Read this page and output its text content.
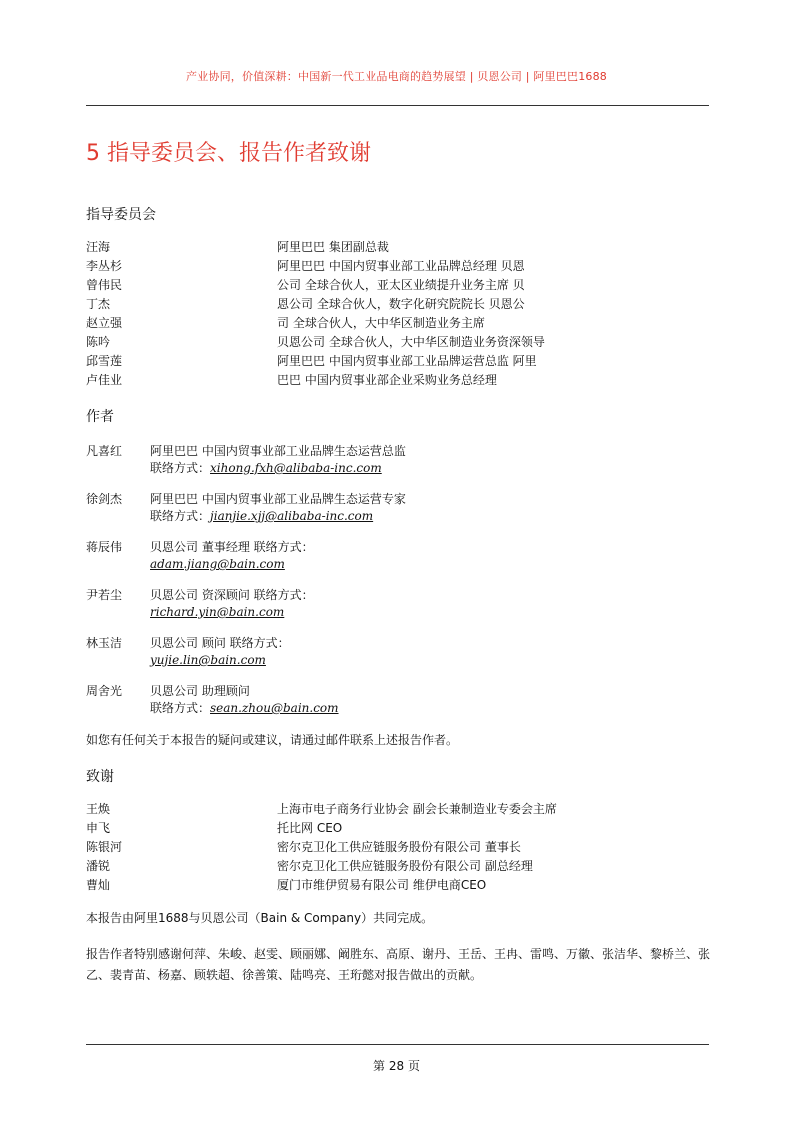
产业协同，价值深耕：中国新一代工业品电商的趋势展望 | 贝恩公司 | 阿里巴巴1688
5 指导委员会、报告作者致谢
指导委员会
汪海	阿里巴巴 集团副总裁
李丛杉	阿里巴巴 中国内贸事业部工业品牌总经理 贝恩
曾伟民	公司 全球合伙人，亚太区业绩提升业务主席 贝
丁杰	恩公司 全球合伙人，数字化研究院院长 贝恩公
赵立强	司 全球合伙人，大中华区制造业务主席
陈吟	贝恩公司 全球合伙人，大中华区制造业务资深领导
邱雪莲	阿里巴巴 中国内贸事业部工业品牌运营总监 阿里
卢佳业	巴巴 中国内贸事业部企业采购业务总经理
作者
凡喜红 阿里巴巴 中国内贸事业部工业品牌生态运营总监
联络方式：xihong.fxh@alibaba-inc.com
徐剑杰 阿里巴巴 中国内贸事业部工业品牌生态运营专家
联络方式：jianjie.xjj@alibaba-inc.com
蒋辰伟 贝恩公司 董事经理 联络方式：
adam.jiang@bain.com
尹若尘 贝恩公司 资深顾问 联络方式：
richard.yin@bain.com
林玉洁 贝恩公司 顾问 联络方式：
yujie.lin@bain.com
周舍光 贝恩公司 助理顾问
联络方式：sean.zhou@bain.com
如您有任何关于本报告的疑问或建议，请通过邮件联系上述报告作者。
致谢
王焕	上海市电子商务行业协会 副会长兼制造业专委会主席
申飞	托比网 CEO
陈银河	密尔克卫化工供应链服务股份有限公司 董事长
潘锐	密尔克卫化工供应链服务股份有限公司 副总经理
曹灿	厦门市维伊贸易有限公司 维伊电商CEO
本报告由阿里1688与贝恩公司（Bain & Company）共同完成。
报告作者特别感谢何萍、朱峻、赵雯、顾丽娜、阚胜东、高原、谢丹、王岳、王冉、雷鸣、万徽、张洁华、黎桥兰、张乙、裴青苗、杨嘉、顾轶超、徐善策、陆鸣亮、王珩懿对报告做出的贡献。
第 28 页
